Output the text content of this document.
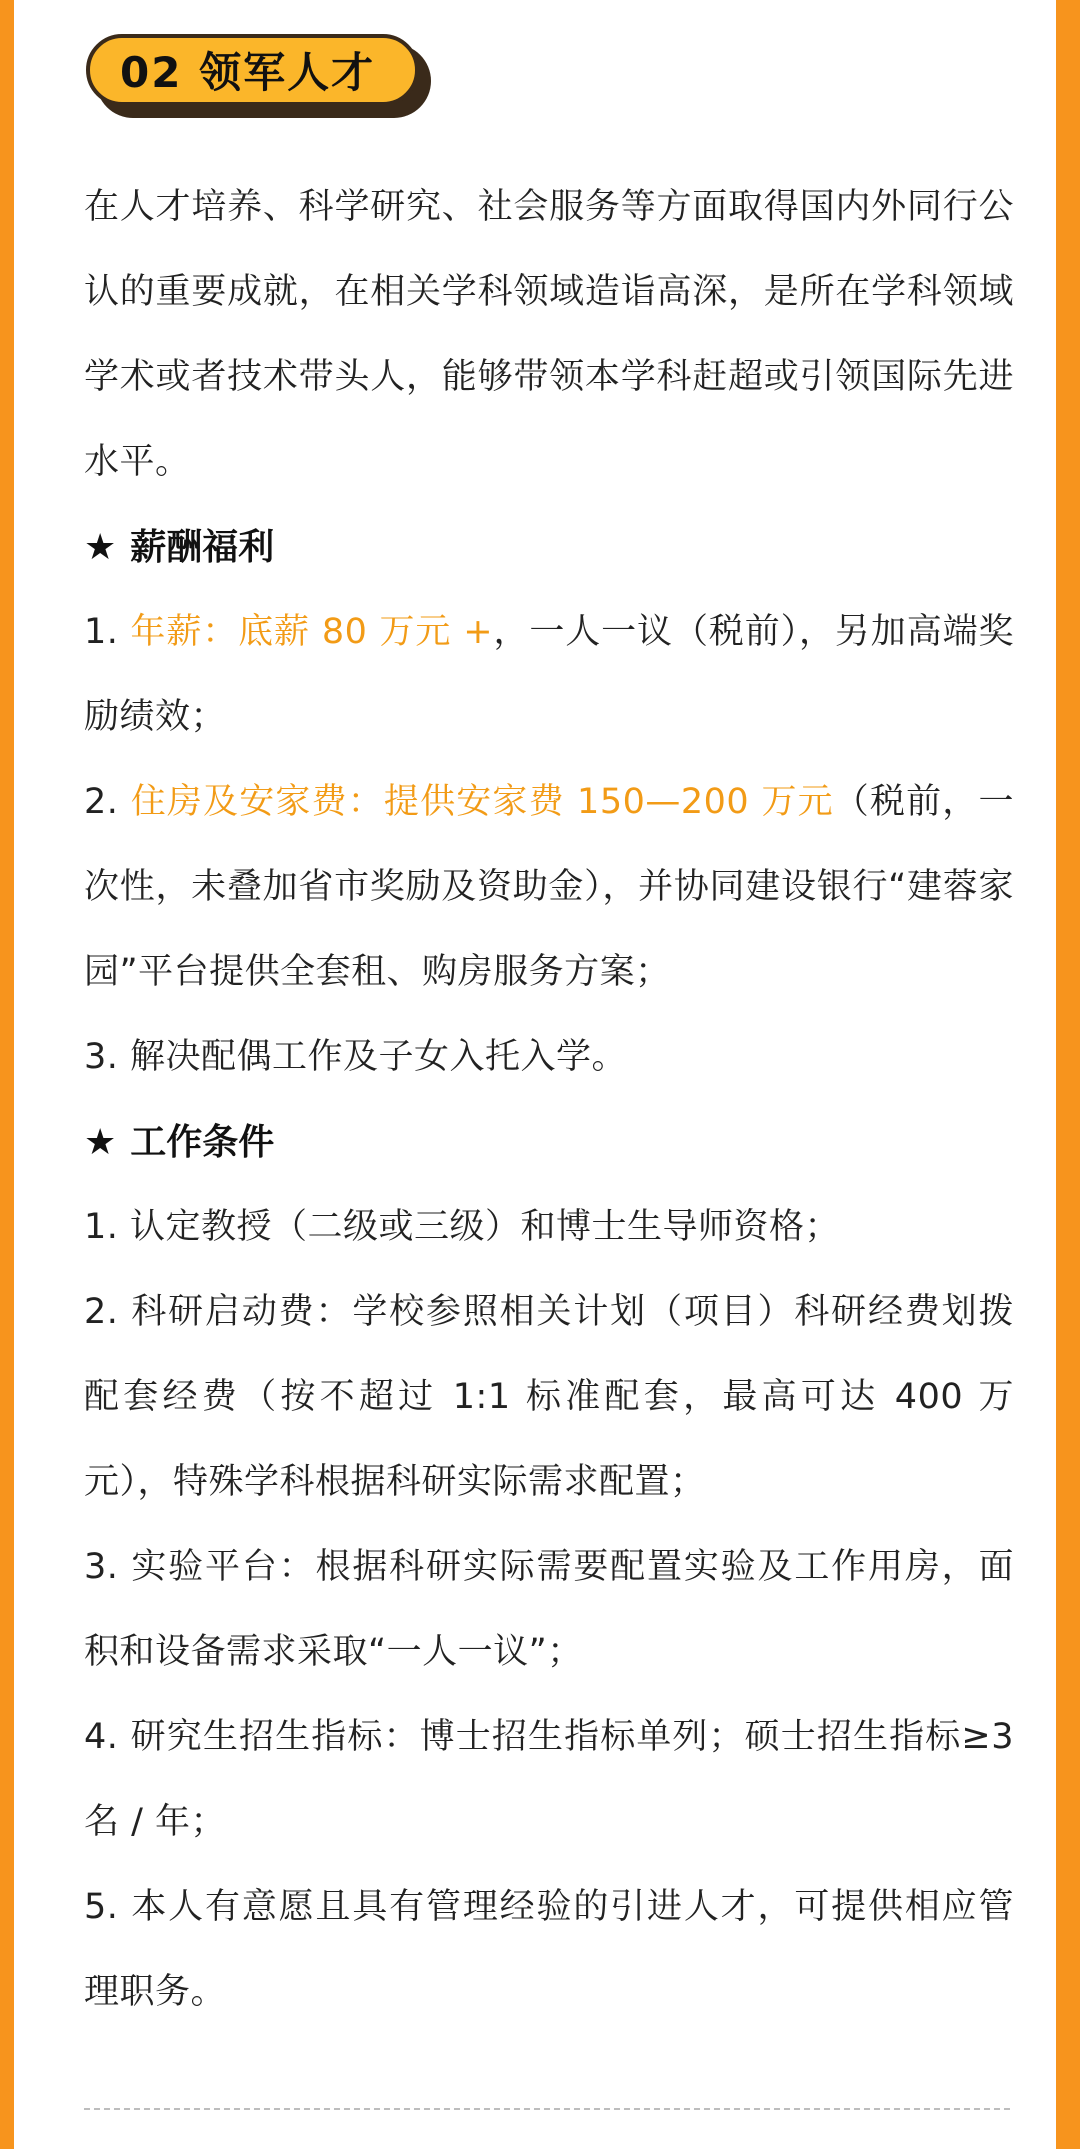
02 领军人才

在人才培养、科学研究、社会服务等方面取得国内外同行公认的重要成就，在相关学科领域造诣高深，是所在学科领域学术或者技术带头人，能够带领本学科赶超或引领国际先进水平。

★ 薪酬福利

1. 年薪：底薪 80 万元 +，一人一议（税前），另加高端奖励绩效；

2. 住房及安家费：提供安家费 150—200 万元（税前，一次性，未叠加省市奖励及资助金），并协同建设银行“建蓉家园”平台提供全套租、购房服务方案；

3. 解决配偶工作及子女入托入学。

★ 工作条件

1. 认定教授（二级或三级）和博士生导师资格；

2. 科研启动费：学校参照相关计划（项目）科研经费划拨配套经费（按不超过 1:1 标准配套，最高可达 400 万元），特殊学科根据科研实际需求配置；

3. 实验平台：根据科研实际需要配置实验及工作用房，面积和设备需求采取“一人一议”；

4. 研究生招生指标：博士招生指标单列；硕士招生指标≥3 名 / 年；

5. 本人有意愿且具有管理经验的引进人才，可提供相应管理职务。
